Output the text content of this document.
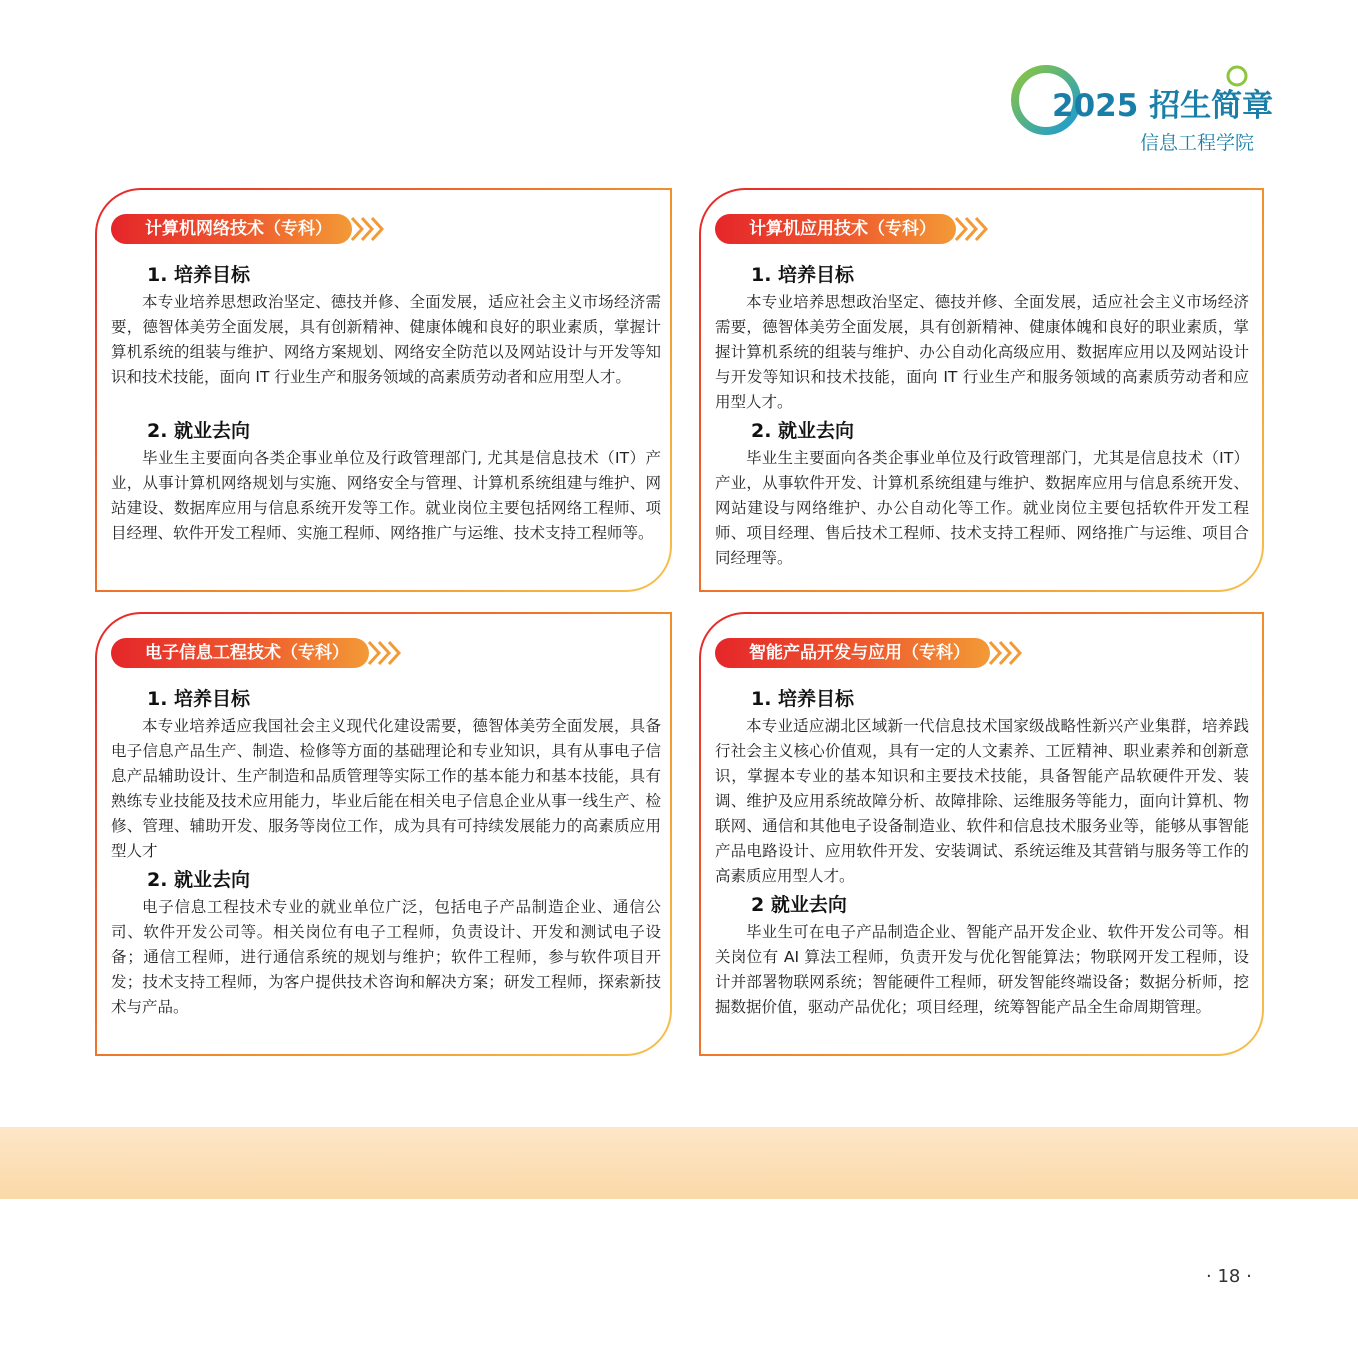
2025 招生简章
信息工程学院
计算机网络技术（专科）
1. 培养目标
本专业培养思想政治坚定、德技并修、全面发展，适应社会主义市场经济需要，德智体美劳全面发展，具有创新精神、健康体魄和良好的职业素质，掌握计算机系统的组装与维护、网络方案规划、网络安全防范以及网站设计与开发等知识和技术技能，面向 IT 行业生产和服务领域的高素质劳动者和应用型人才。
2. 就业去向
毕业生主要面向各类企事业单位及行政管理部门, 尤其是信息技术（IT）产业，从事计算机网络规划与实施、网络安全与管理、计算机系统组建与维护、网站建设、数据库应用与信息系统开发等工作。就业岗位主要包括网络工程师、项目经理、软件开发工程师、实施工程师、网络推广与运维、技术支持工程师等。
计算机应用技术（专科）
1. 培养目标
本专业培养思想政治坚定、德技并修、全面发展，适应社会主义市场经济需要，德智体美劳全面发展，具有创新精神、健康体魄和良好的职业素质，掌握计算机系统的组装与维护、办公自动化高级应用、数据库应用以及网站设计与开发等知识和技术技能，面向 IT 行业生产和服务领域的高素质劳动者和应用型人才。
2. 就业去向
毕业生主要面向各类企事业单位及行政管理部门，尤其是信息技术（IT）产业，从事软件开发、计算机系统组建与维护、数据库应用与信息系统开发、网站建设与网络维护、办公自动化等工作。就业岗位主要包括软件开发工程师、项目经理、售后技术工程师、技术支持工程师、网络推广与运维、项目合同经理等。
电子信息工程技术（专科）
1. 培养目标
本专业培养适应我国社会主义现代化建设需要，德智体美劳全面发展，具备电子信息产品生产、制造、检修等方面的基础理论和专业知识，具有从事电子信息产品辅助设计、生产制造和品质管理等实际工作的基本能力和基本技能，具有熟练专业技能及技术应用能力，毕业后能在相关电子信息企业从事一线生产、检修、管理、辅助开发、服务等岗位工作，成为具有可持续发展能力的高素质应用型人才
2. 就业去向
电子信息工程技术专业的就业单位广泛，包括电子产品制造企业、通信公司、软件开发公司等。相关岗位有电子工程师，负责设计、开发和测试电子设备；通信工程师，进行通信系统的规划与维护；软件工程师，参与软件项目开发；技术支持工程师，为客户提供技术咨询和解决方案；研发工程师，探索新技术与产品。
智能产品开发与应用（专科）
1. 培养目标
本专业适应湖北区域新一代信息技术国家级战略性新兴产业集群，培养践行社会主义核心价值观，具有一定的人文素养、工匠精神、职业素养和创新意识，掌握本专业的基本知识和主要技术技能，具备智能产品软硬件开发、装调、维护及应用系统故障分析、故障排除、运维服务等能力，面向计算机、物联网、通信和其他电子设备制造业、软件和信息技术服务业等，能够从事智能产品电路设计、应用软件开发、安装调试、系统运维及其营销与服务等工作的高素质应用型人才。
2 就业去向
毕业生可在电子产品制造企业、智能产品开发企业、软件开发公司等。相关岗位有 AI 算法工程师，负责开发与优化智能算法；物联网开发工程师，设计并部署物联网系统；智能硬件工程师，研发智能终端设备；数据分析师，挖掘数据价值，驱动产品优化；项目经理，统筹智能产品全生命周期管理。
· 18 ·
